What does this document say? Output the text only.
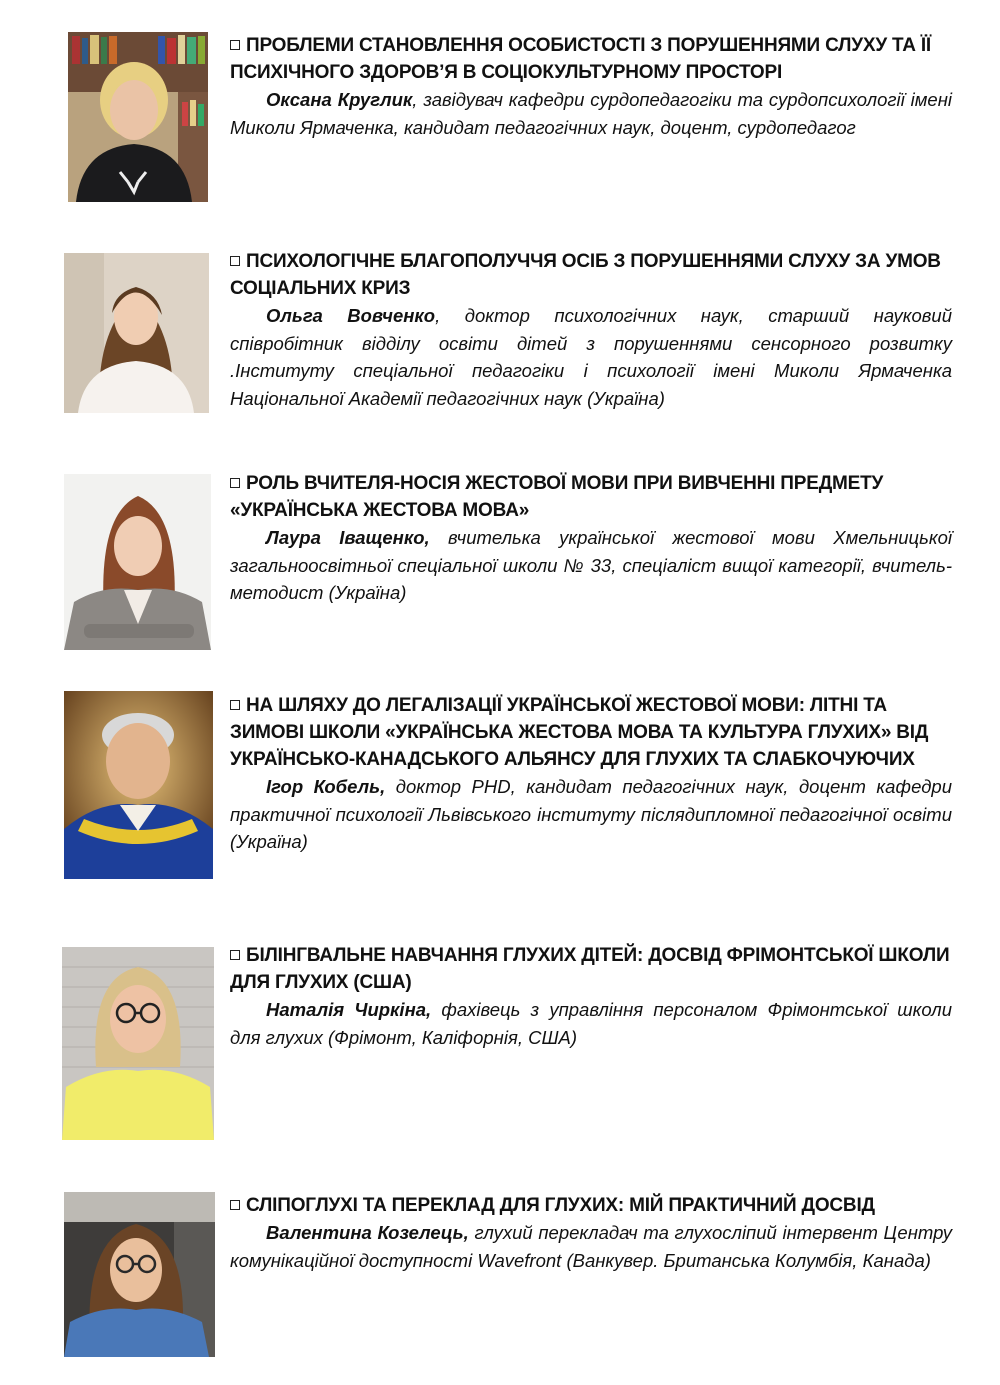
ПРОБЛЕМИ СТАНОВЛЕННЯ ОСОБИСТОСТІ З ПОРУШЕННЯМИ СЛУХУ ТА ЇЇ ПСИХІЧНОГО ЗДОРОВ’Я В СОЦІОКУЛЬТУРНОМУ ПРОСТОРІ

Оксана Круглик, завідувач кафедри сурдопедагогіки та сурдопсихології імені Миколи Ярмаченка, кандидат педагогічних наук, доцент, сурдопедагог

ПСИХОЛОГІЧНЕ БЛАГОПОЛУЧЧЯ ОСІБ З ПОРУШЕННЯМИ СЛУХУ ЗА УМОВ СОЦІАЛЬНИХ КРИЗ

Ольга Вовченко, доктор психологічних наук, старший науковий співробітник відділу освіти дітей з порушеннями сенсорного розвитку .Інституту спеціальної педагогіки і психології імені Миколи Ярмаченка Національної Академії педагогічних наук (Україна)

РОЛЬ ВЧИТЕЛЯ-НОСІЯ ЖЕСТОВОЇ МОВИ ПРИ ВИВЧЕННІ ПРЕДМЕТУ «УКРАЇНСЬКА ЖЕСТОВА МОВА»

Лаура Іващенко, вчителька української жестової мови Хмельницької загальноосвітньої спеціальної школи № 33, спеціаліст вищої категорії, вчитель-методист (Україна)

НА ШЛЯХУ ДО ЛЕГАЛІЗАЦІЇ УКРАЇНСЬКОЇ ЖЕСТОВОЇ МОВИ: ЛІТНІ ТА ЗИМОВІ ШКОЛИ «УКРАЇНСЬКА ЖЕСТОВА МОВА ТА КУЛЬТУРА ГЛУХИХ» ВІД УКРАЇНСЬКО-КАНАДСЬКОГО АЛЬЯНСУ ДЛЯ ГЛУХИХ ТА СЛАБКОЧУЮЧИХ

Ігор Кобель, доктор PHD, кандидат педагогічних наук, доцент кафедри практичної психології Львівського інституту післядипломної педагогічної освіти (Україна)

БІЛІНГВАЛЬНЕ НАВЧАННЯ ГЛУХИХ ДІТЕЙ: ДОСВІД ФРІМОНТСЬКОЇ ШКОЛИ ДЛЯ ГЛУХИХ (США)

Наталія Чиркіна, фахівець з управління персоналом Фрімонтської школи для глухих (Фрімонт, Каліфорнія, США)

СЛІПОГЛУХІ ТА ПЕРЕКЛАД ДЛЯ ГЛУХИХ: МІЙ ПРАКТИЧНИЙ ДОСВІД

Валентина Козелець, глухий перекладач та глухосліпий інтервент Центру комунікаційної доступності Wavefront (Ванкувер. Британська Колумбія, Канада)
